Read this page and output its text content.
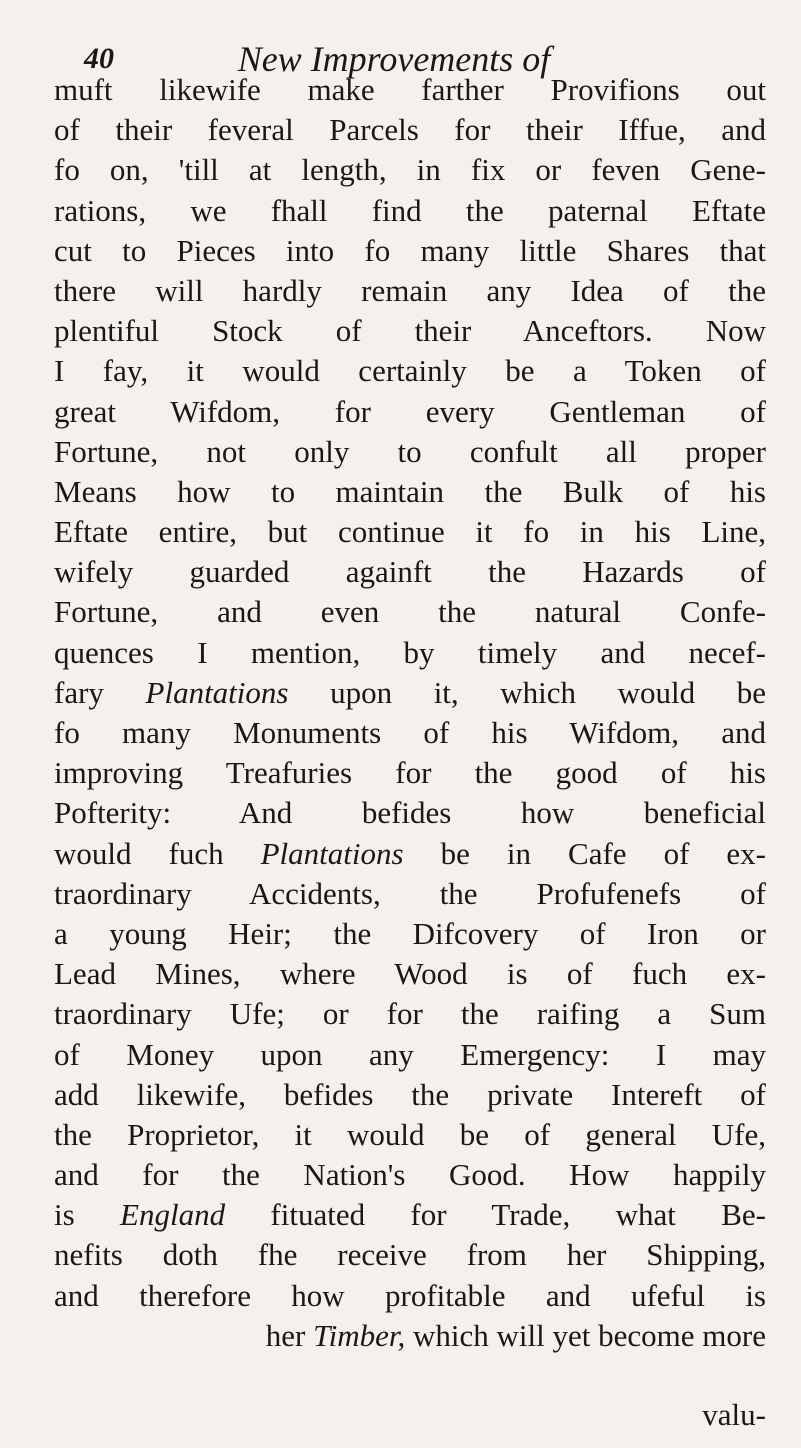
40	New Improvements of
muft likewife make farther Provifions out
of their feveral Parcels for their Iffue, and
fo on, 'till at length, in fix or feven Gene-
rations, we fhall find the paternal Eftate
cut to Pieces into fo many little Shares that
there will hardly remain any Idea of the
plentiful Stock of their Anceftors. Now
I fay, it would certainly be a Token of
great Wifdom, for every Gentleman of
Fortune, not only to confult all proper
Means how to maintain the Bulk of his
Eftate entire, but continue it fo in his Line,
wifely guarded againft the Hazards of
Fortune, and even the natural Confe-
quences I mention, by timely and necef-
fary Plantations upon it, which would be
fo many Monuments of his Wifdom, and
improving Treafuries for the good of his
Pofterity: And befides how beneficial
would fuch Plantations be in Cafe of ex-
traordinary Accidents, the Profufenefs of
a young Heir; the Difcovery of Iron or
Lead Mines, where Wood is of fuch ex-
traordinary Ufe; or for the raifing a Sum
of Money upon any Emergency: I may
add likewife, befides the private Intereft of
the Proprietor, it would be of general Ufe,
and for the Nation's Good. How happily
is England fituated for Trade, what Be-
nefits doth fhe receive from her Shipping,
and therefore how profitable and ufeful is
her Timber, which will yet become more
valu-
